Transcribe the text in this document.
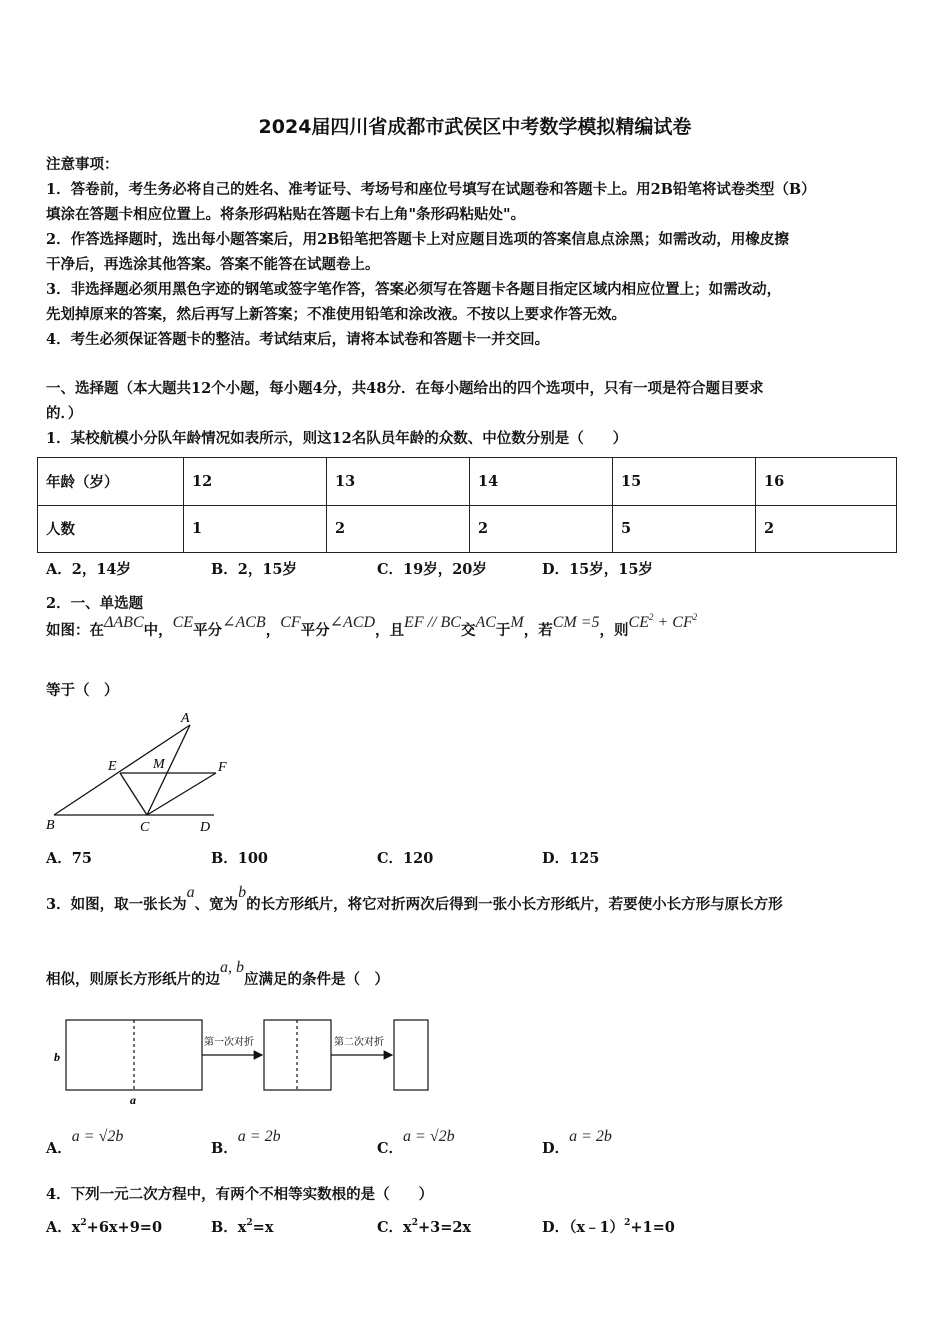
2024届四川省成都市武侯区中考数学模拟精编试卷
注意事项：
1．答卷前，考生务必将自己的姓名、准考证号、考场号和座位号填写在试题卷和答题卡上。用2B铅笔将试卷类型（B）
填涂在答题卡相应位置上。将条形码粘贴在答题卡右上角"条形码粘贴处"。
2．作答选择题时，选出每小题答案后，用2B铅笔把答题卡上对应题目选项的答案信息点涂黑；如需改动，用橡皮擦
干净后，再选涂其他答案。答案不能答在试题卷上。
3．非选择题必须用黑色字迹的钢笔或签字笔作答，答案必须写在答题卡各题目指定区域内相应位置上；如需改动，
先划掉原来的答案，然后再写上新答案；不准使用铅笔和涂改液。不按以上要求作答无效。
4．考生必须保证答题卡的整洁。考试结束后，请将本试卷和答题卡一并交回。
一、选择题（本大题共12个小题，每小题4分，共48分．在每小题给出的四个选项中，只有一项是符合题目要求
的．）
1．某校航模小分队年龄情况如表所示，则这12名队员年龄的众数、中位数分别是（　　）
年龄（岁）	12	13	14	15	16
人数	1	2	2	5	2
A．2，14岁	B．2，15岁	C．19岁，20岁	D．15岁，15岁
2．一、单选题
如图：在ΔABC中，CE平分∠ACB，CF平分∠ACD，且EF // BC交AC于M，若CM =5，则$CE^2 + CF^2$
等于（　）
A
E	M	F
B	C	D
A．75	B．100	C．120	D．125
3．如图，取一张长为a、宽为b的长方形纸片，将它对折两次后得到一张小长方形纸片，若要使小长方形与原长方形
相似，则原长方形纸片的边a, b应满足的条件是（　）
b
a
第一次对折	第二次对折
A．a = √2b
B．a = 2b
C．a = √2b
D．a = 2b
4．下列一元二次方程中，有两个不相等实数根的是（　　）
A．$x^2+6x+9=0$	B．$x^2=x$	C．$x^2+3=2x$	D．（x﹣1）$^2$+1=0
